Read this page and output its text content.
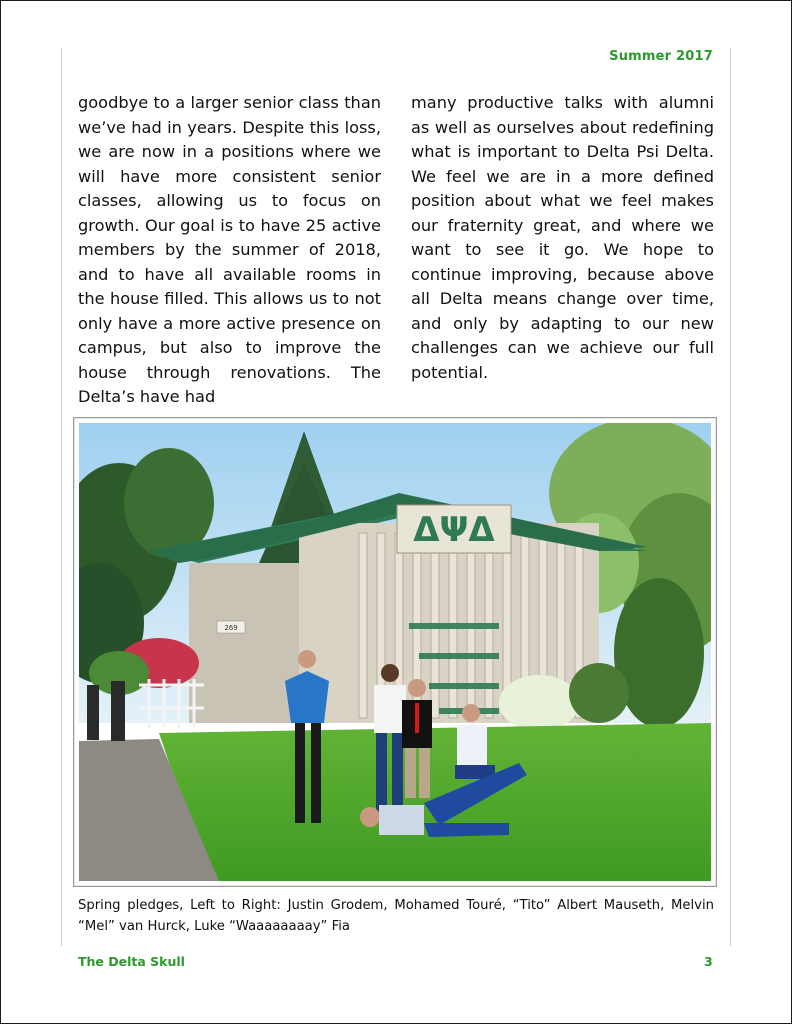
Summer 2017
goodbye to a larger senior class than we’ve had in years. Despite this loss, we are now in a positions where we will have more consistent senior classes, allowing us to focus on growth. Our goal is to have 25 active members by the summer of 2018, and to have all available rooms in the house filled. This allows us to not only have a more active presence on campus, but also to improve the house through renovations. The Delta’s have had
many productive talks with alumni as well as ourselves about redefining what is important to Delta Psi Delta. We feel we are in a more defined position about what we feel makes our fraternity great, and where we want to see it go. We hope to continue improving, because above all Delta means change over time, and only by adapting to our new challenges can we achieve our full potential.
ΔΨΔ
269
Spring pledges, Left to Right: Justin Grodem, Mohamed Touré, “Tito” Albert Mauseth, Melvin “Mel” van Hurck, Luke “Waaaaaaaay” Fia
The Delta Skull	3
